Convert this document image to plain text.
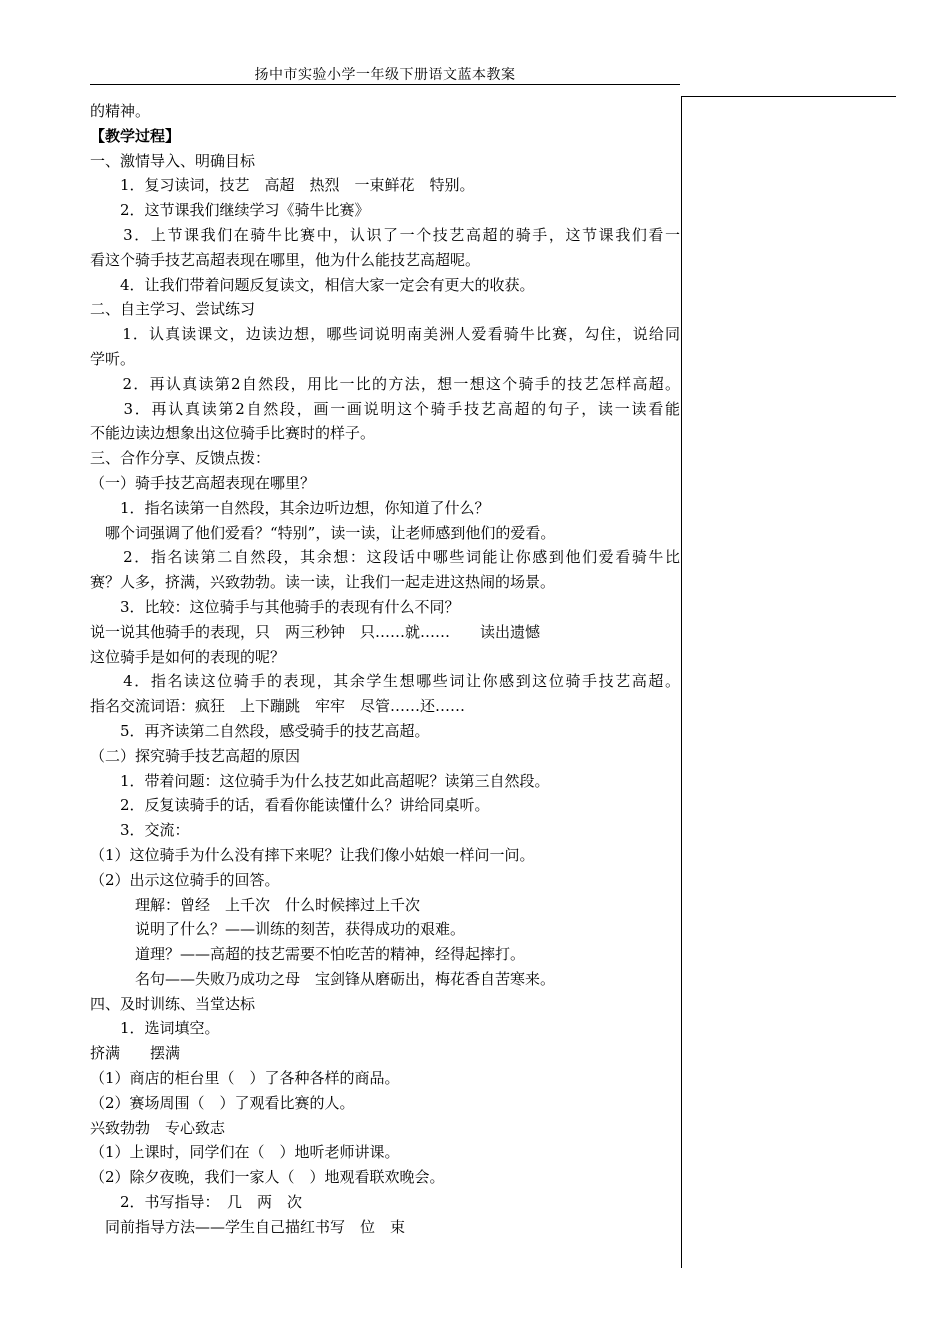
扬中市实验小学一年级下册语文蓝本教案
的精神。
【教学过程】
一、激情导入、明确目标
　　1．复习读词，技艺　高超　热烈　一束鲜花　特别。
　　2．这节课我们继续学习《骑牛比赛》
　　3．上节课我们在骑牛比赛中，认识了一个技艺高超的骑手，这节课我们看一
看这个骑手技艺高超表现在哪里，他为什么能技艺高超呢。
　　4．让我们带着问题反复读文，相信大家一定会有更大的收获。
二、自主学习、尝试练习
　　1．认真读课文，边读边想，哪些词说明南美洲人爱看骑牛比赛，勾住，说给同
学听。
　　2．再认真读第2自然段，用比一比的方法，想一想这个骑手的技艺怎样高超。
　　3．再认真读第2自然段，画一画说明这个骑手技艺高超的句子，读一读看能
不能边读边想象出这位骑手比赛时的样子。
三、合作分享、反馈点拨：
（一）骑手技艺高超表现在哪里？
　　1．指名读第一自然段，其余边听边想，你知道了什么？
　哪个词强调了他们爱看？“特别”，读一读，让老师感到他们的爱看。
　　2．指名读第二自然段，其余想：这段话中哪些词能让你感到他们爱看骑牛比
赛？人多，挤满，兴致勃勃。读一读，让我们一起走进这热闹的场景。
　　3．比较：这位骑手与其他骑手的表现有什么不同？
说一说其他骑手的表现，只　两三秒钟　只……就……　　读出遗憾
这位骑手是如何的表现的呢？
　　4．指名读这位骑手的表现，其余学生想哪些词让你感到这位骑手技艺高超。
指名交流词语：疯狂　上下蹦跳　牢牢　尽管……还……
　　5．再齐读第二自然段，感受骑手的技艺高超。
（二）探究骑手技艺高超的原因
　　1．带着问题：这位骑手为什么技艺如此高超呢？读第三自然段。
　　2．反复读骑手的话，看看你能读懂什么？讲给同桌听。
　　3．交流：
（1）这位骑手为什么没有摔下来呢？让我们像小姑娘一样问一问。
（2）出示这位骑手的回答。
　　　理解：曾经　上千次　什么时候摔过上千次
　　　说明了什么？——训练的刻苦，获得成功的艰难。
　　　道理？——高超的技艺需要不怕吃苦的精神，经得起摔打。
　　　名句——失败乃成功之母　宝剑锋从磨砺出，梅花香自苦寒来。
四、及时训练、当堂达标
　　1．选词填空。
挤满　　摆满
（1）商店的柜台里（　）了各种各样的商品。
（2）赛场周围（　）了观看比赛的人。
兴致勃勃　专心致志
（1）上课时，同学们在（　）地听老师讲课。
（2）除夕夜晚，我们一家人（　）地观看联欢晚会。
　　2．书写指导：　几　两　次
　同前指导方法——学生自己描红书写　位　束
